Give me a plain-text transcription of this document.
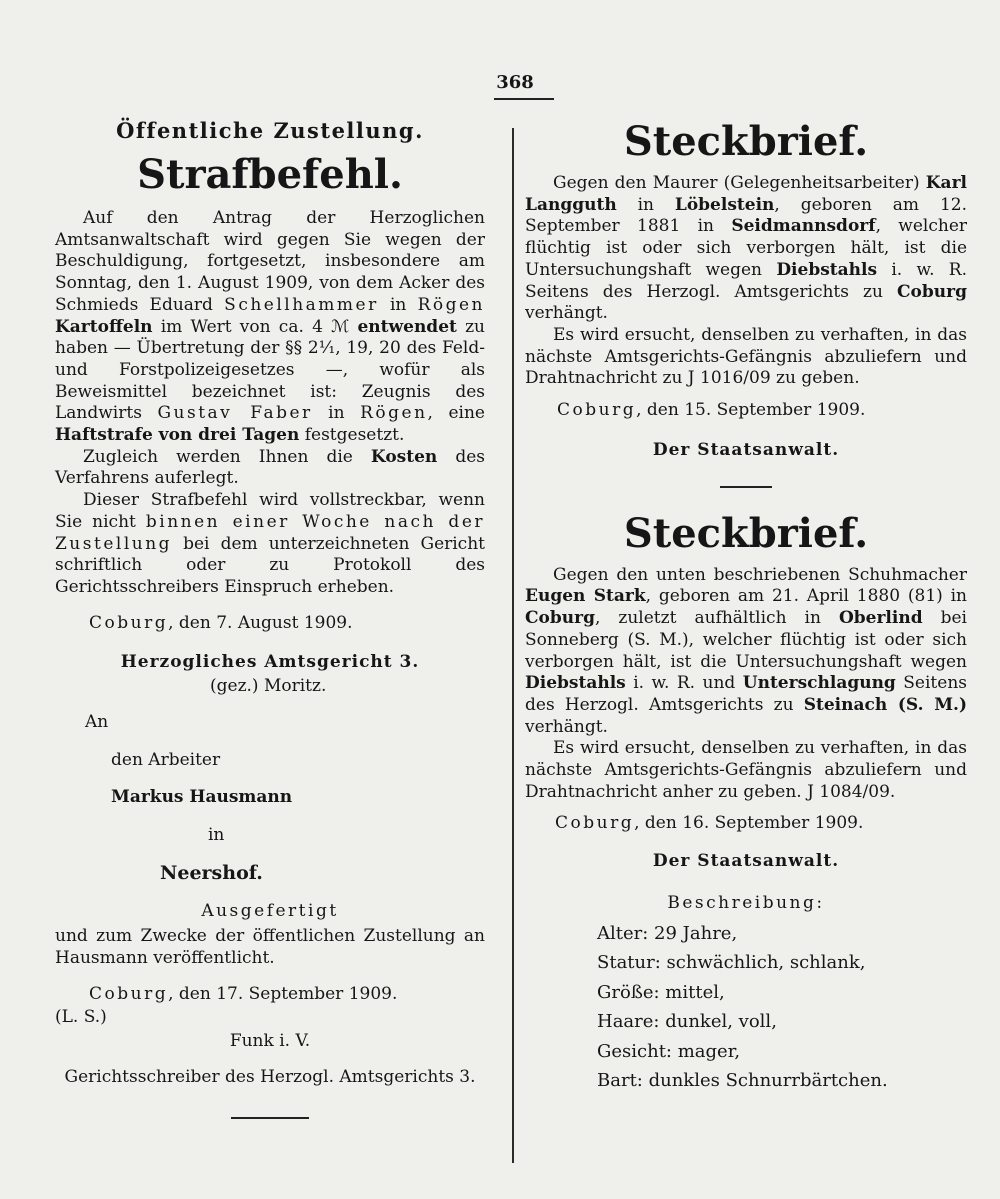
368

Öffentliche Zustellung.

Strafbefehl.

Auf den Antrag der Herzoglichen Amtsanwaltschaft wird gegen Sie wegen der Beschuldigung, fortgesetzt, insbesondere am Sonntag, den 1. August 1909, von dem Acker des Schmieds Eduard Schellhammer in Rögen Kartoffeln im Wert von ca. 4 ℳ entwendet zu haben — Übertretung der §§ 2¹⁄₁, 19, 20 des Feld- und Forstpolizeigesetzes —, wofür als Beweismittel bezeichnet ist: Zeugnis des Landwirts Gustav Faber in Rögen, eine Haftstrafe von drei Tagen festgesetzt.

Zugleich werden Ihnen die Kosten des Verfahrens auferlegt.

Dieser Strafbefehl wird vollstreckbar, wenn Sie nicht binnen einer Woche nach der Zustellung bei dem unterzeichneten Gericht schriftlich oder zu Protokoll des Gerichtsschreibers Einspruch erheben.

Coburg, den 7. August 1909.

Herzogliches Amtsgericht 3.

(gez.) Moritz.

An

den Arbeiter

Markus Hausmann

in

Neershof.

Ausgefertigt

und zum Zwecke der öffentlichen Zustellung an Hausmann veröffentlicht.

Coburg, den 17. September 1909.

(L. S.)

Funk i. V.

Gerichtsschreiber des Herzogl. Amtsgerichts 3.

Steckbrief.

Gegen den Maurer (Gelegenheitsarbeiter) Karl Langguth in Löbelstein, geboren am 12. September 1881 in Seidmannsdorf, welcher flüchtig ist oder sich verborgen hält, ist die Untersuchungshaft wegen Diebstahls i. w. R. Seitens des Herzogl. Amtsgerichts zu Coburg verhängt.

Es wird ersucht, denselben zu verhaften, in das nächste Amtsgerichts-Gefängnis abzuliefern und Drahtnachricht zu J 1016/09 zu geben.

Coburg, den 15. September 1909.

Der Staatsanwalt.

Steckbrief.

Gegen den unten beschriebenen Schuhmacher Eugen Stark, geboren am 21. April 1880 (81) in Coburg, zuletzt aufhältlich in Oberlind bei Sonneberg (S. M.), welcher flüchtig ist oder sich verborgen hält, ist die Untersuchungshaft wegen Diebstahls i. w. R. und Unterschlagung Seitens des Herzogl. Amtsgerichts zu Steinach (S. M.) verhängt.

Es wird ersucht, denselben zu verhaften, in das nächste Amtsgerichts-Gefängnis abzuliefern und Drahtnachricht anher zu geben. J 1084/09.

Coburg, den 16. September 1909.

Der Staatsanwalt.

Beschreibung:

Alter: 29 Jahre,

Statur: schwächlich, schlank,

Größe: mittel,

Haare: dunkel, voll,

Gesicht: mager,

Bart: dunkles Schnurrbärtchen.
